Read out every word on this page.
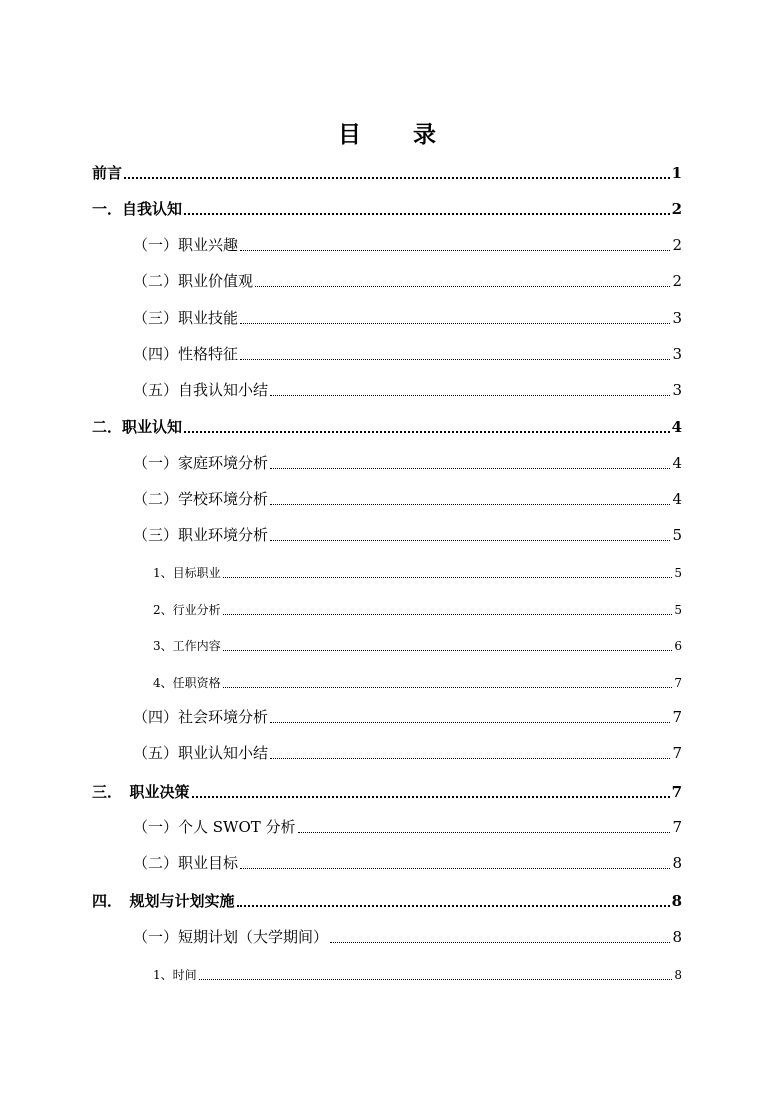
目 录
前言	1
一．自我认知	2
（一）职业兴趣	2
（二）职业价值观	2
（三）职业技能	3
（四）性格特征	3
（五）自我认知小结	3
二．职业认知	4
（一）家庭环境分析	4
（二）学校环境分析	4
（三）职业环境分析	5
1、目标职业	5
2、行业分析	5
3、工作内容	6
4、任职资格	7
（四）社会环境分析	7
（五）职业认知小结	7
三．　职业决策	7
（一）个人 SWOT 分析	7
（二）职业目标	8
四．　规划与计划实施	8
（一）短期计划（大学期间）	8
1、时间	8
